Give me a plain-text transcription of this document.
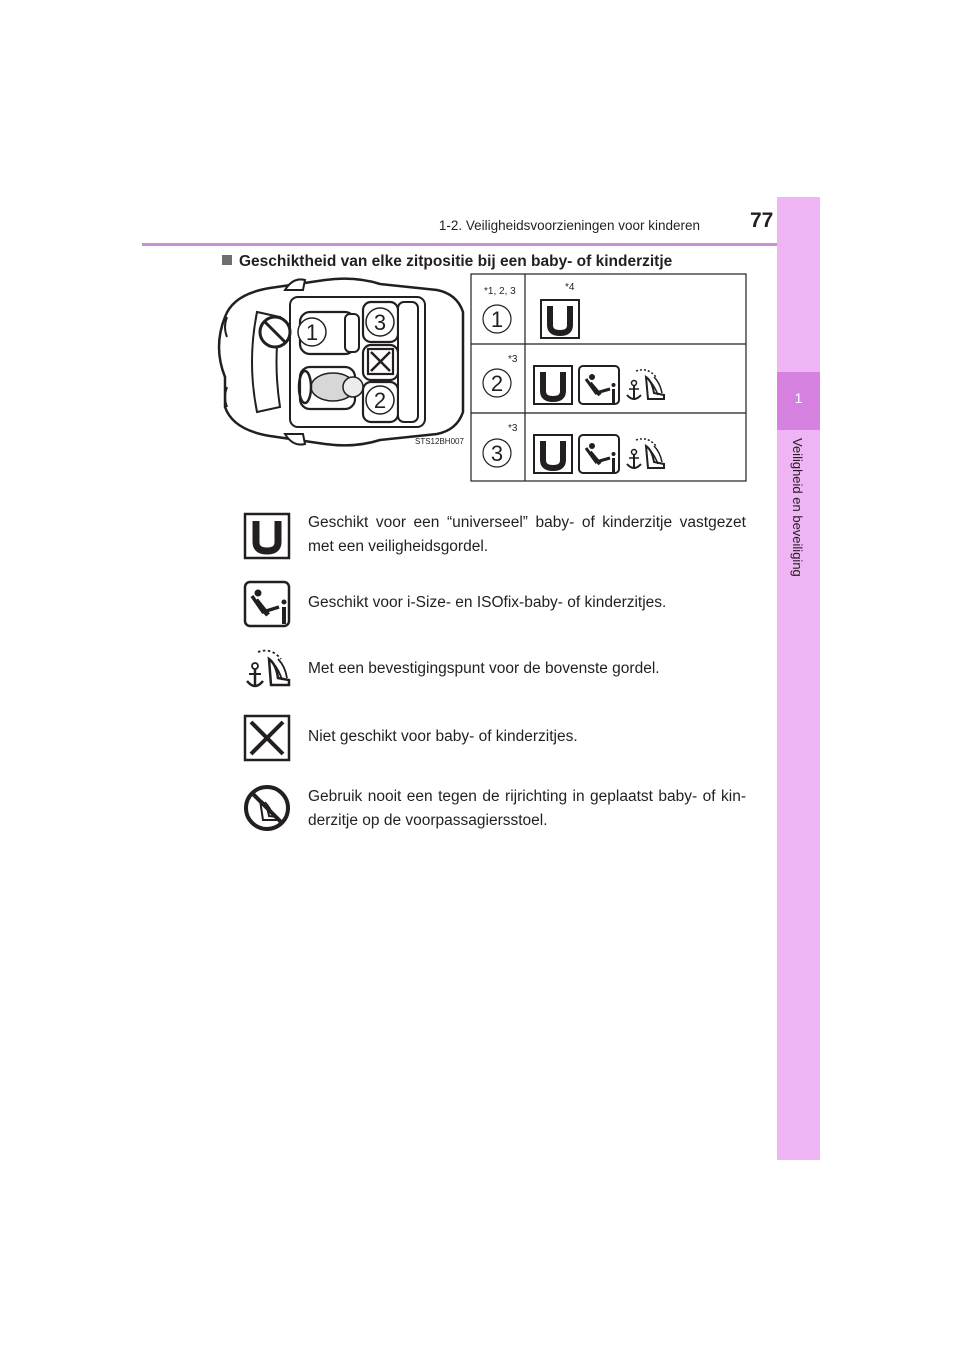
1-2. Veiligheidsvoorzieningen voor kinderen 77
1
Veiligheid en beveiliging
Geschiktheid van elke zitpositie bij een baby- of kinderzitje
1	3
2
STS12BH007
*1, 2, 3	*4
1
*3
2
*3
3
Geschikt voor een “universeel” baby- of kinderzitje vastgezet met een veiligheidsgordel.
Geschikt voor i-Size- en ISOfix-baby- of kinderzitjes.
Met een bevestigingspunt voor de bovenste gordel.
Niet geschikt voor baby- of kinderzitjes.
Gebruik nooit een tegen de rijrichting in geplaatst baby- of kin-derzitje op de voorpassagiersstoel.
